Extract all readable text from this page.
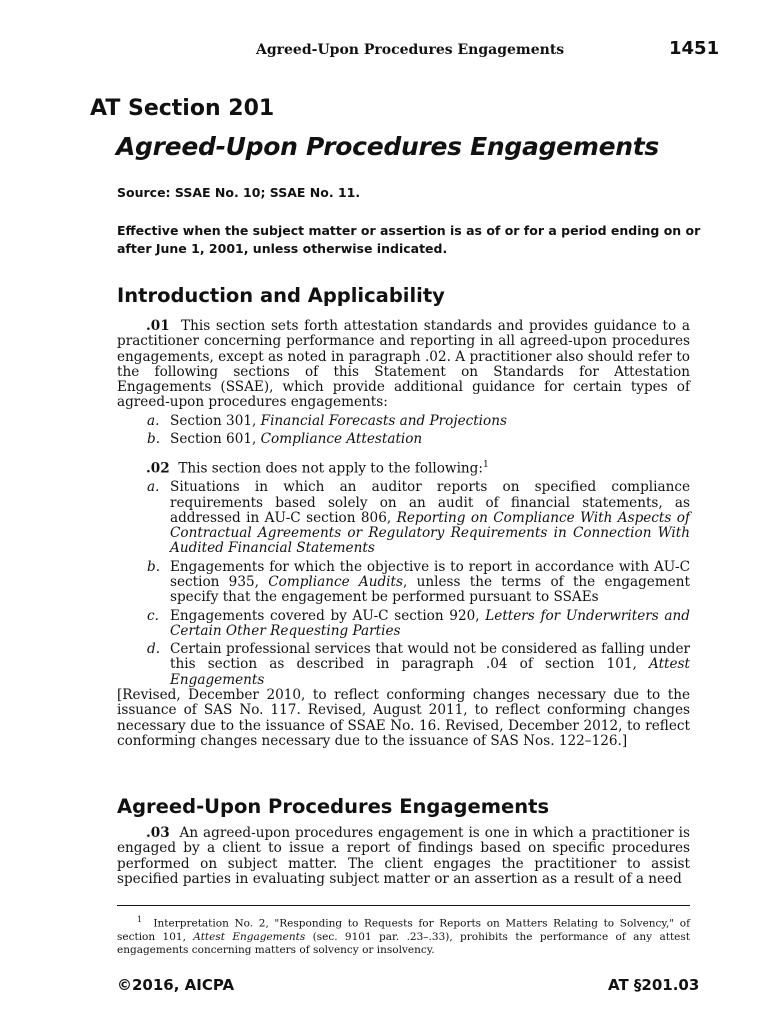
Agreed-Upon Procedures Engagements	1451
AT Section 201
Agreed-Upon Procedures Engagements
Source: SSAE No. 10; SSAE No. 11.
Effective when the subject matter or assertion is as of or for a period ending on or after June 1, 2001, unless otherwise indicated.
Introduction and Applicability

.01 This section sets forth attestation standards and provides guidance to a practitioner concerning performance and reporting in all agreed-upon procedures engagements, except as noted in paragraph .02. A practitioner also should refer to the following sections of this Statement on Standards for Attestation Engagements (SSAE), which provide additional guidance for certain types of agreed-upon procedures engagements:

a. Section 301, Financial Forecasts and Projections

b. Section 601, Compliance Attestation

.02 This section does not apply to the following:$^1$

a. Situations in which an auditor reports on specified compliance requirements based solely on an audit of financial statements, as addressed in AU-C section 806, Reporting on Compliance With Aspects of Contractual Agreements or Regulatory Requirements in Connection With Audited Financial Statements

b. Engagements for which the objective is to report in accordance with AU-C section 935, Compliance Audits, unless the terms of the engagement specify that the engagement be performed pursuant to SSAEs

c. Engagements covered by AU-C section 920, Letters for Underwriters and Certain Other Requesting Parties

d. Certain professional services that would not be considered as falling under this section as described in paragraph .04 of section 101, Attest Engagements

[Revised, December 2010, to reflect conforming changes necessary due to the issuance of SAS No. 117. Revised, August 2011, to reflect conforming changes necessary due to the issuance of SSAE No. 16. Revised, December 2012, to reflect conforming changes necessary due to the issuance of SAS Nos. 122–126.]

Agreed-Upon Procedures Engagements

.03 An agreed-upon procedures engagement is one in which a practitioner is engaged by a client to issue a report of findings based on specific procedures performed on subject matter. The client engages the practitioner to assist specified parties in evaluating subject matter or an assertion as a result of a need

$^1$ Interpretation No. 2, "Responding to Requests for Reports on Matters Relating to Solvency," of section 101, Attest Engagements (sec. 9101 par. .23–.33), prohibits the performance of any attest engagements concerning matters of solvency or insolvency.

©2016, AICPA	AT §201.03
